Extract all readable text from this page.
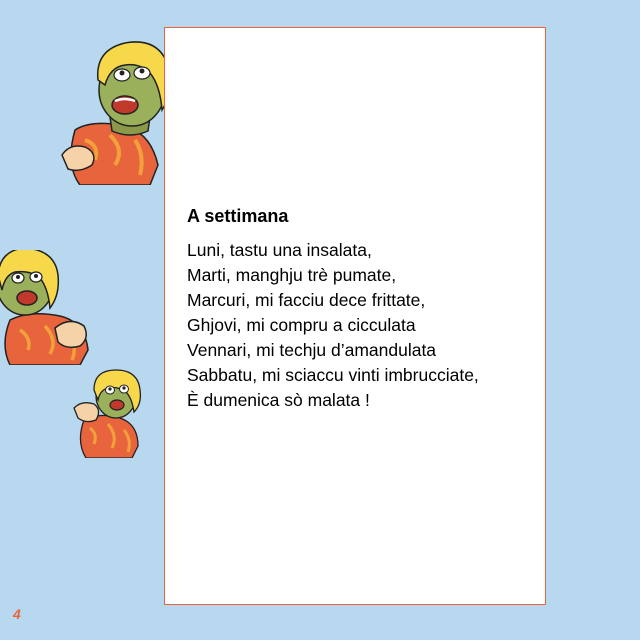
A settimana
Luni, tastu una insalata,
Marti, manghju trè pumate,
Marcuri, mi facciu dece frittate,
Ghjovi, mi compru a cicculata
Vennari, mi techju d’amandulata
Sabbatu, mi sciaccu vinti imbrucciate,
È dumenica sò malata !
4
